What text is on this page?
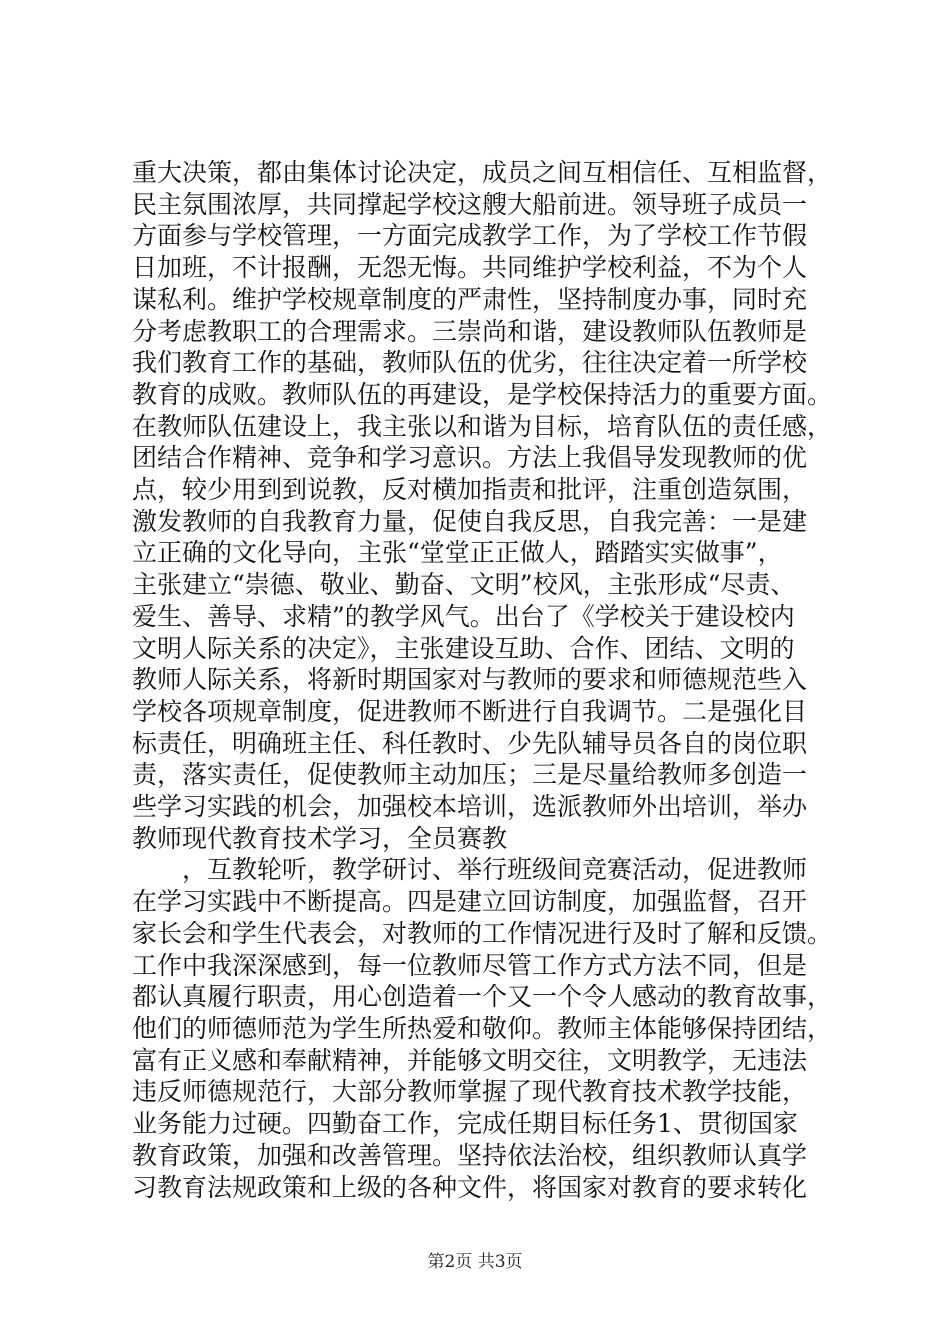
重大决策，都由集体讨论决定，成员之间互相信任、互相监督，
民主氛围浓厚，共同撑起学校这艘大船前进。领导班子成员一
方面参与学校管理，一方面完成教学工作，为了学校工作节假
日加班，不计报酬，无怨无悔。共同维护学校利益，不为个人
谋私利。维护学校规章制度的严肃性，坚持制度办事，同时充
分考虑教职工的合理需求。三崇尚和谐，建设教师队伍教师是
我们教育工作的基础，教师队伍的优劣，往往决定着一所学校
教育的成败。教师队伍的再建设，是学校保持活力的重要方面。
在教师队伍建设上，我主张以和谐为目标，培育队伍的责任感，
团结合作精神、竞争和学习意识。方法上我倡导发现教师的优
点，较少用到到说教，反对横加指责和批评，注重创造氛围，
激发教师的自我教育力量，促使自我反思，自我完善：一是建
立正确的文化导向，主张“堂堂正正做人，踏踏实实做事”，
主张建立“崇德、敬业、勤奋、文明”校风，主张形成“尽责、
爱生、善导、求精”的教学风气。出台了《学校关于建设校内
文明人际关系的决定》，主张建设互助、合作、团结、文明的
教师人际关系，将新时期国家对与教师的要求和师德规范些入
学校各项规章制度，促进教师不断进行自我调节。二是强化目
标责任，明确班主任、科任教时、少先队辅导员各自的岗位职
责，落实责任，促使教师主动加压；三是尽量给教师多创造一
些学习实践的机会，加强校本培训，选派教师外出培训，举办
教师现代教育技术学习，全员赛教
，互教轮听，教学研讨、举行班级间竞赛活动，促进教师
在学习实践中不断提高。四是建立回访制度，加强监督，召开
家长会和学生代表会，对教师的工作情况进行及时了解和反馈。
工作中我深深感到，每一位教师尽管工作方式方法不同，但是
都认真履行职责，用心创造着一个又一个令人感动的教育故事，
他们的师德师范为学生所热爱和敬仰。教师主体能够保持团结，
富有正义感和奉献精神，并能够文明交往，文明教学，无违法
违反师德规范行，大部分教师掌握了现代教育技术教学技能，
业务能力过硬。四勤奋工作，完成任期目标任务1、贯彻国家
教育政策，加强和改善管理。坚持依法治校，组织教师认真学
习教育法规政策和上级的各种文件，将国家对教育的要求转化
第2页 共3页
